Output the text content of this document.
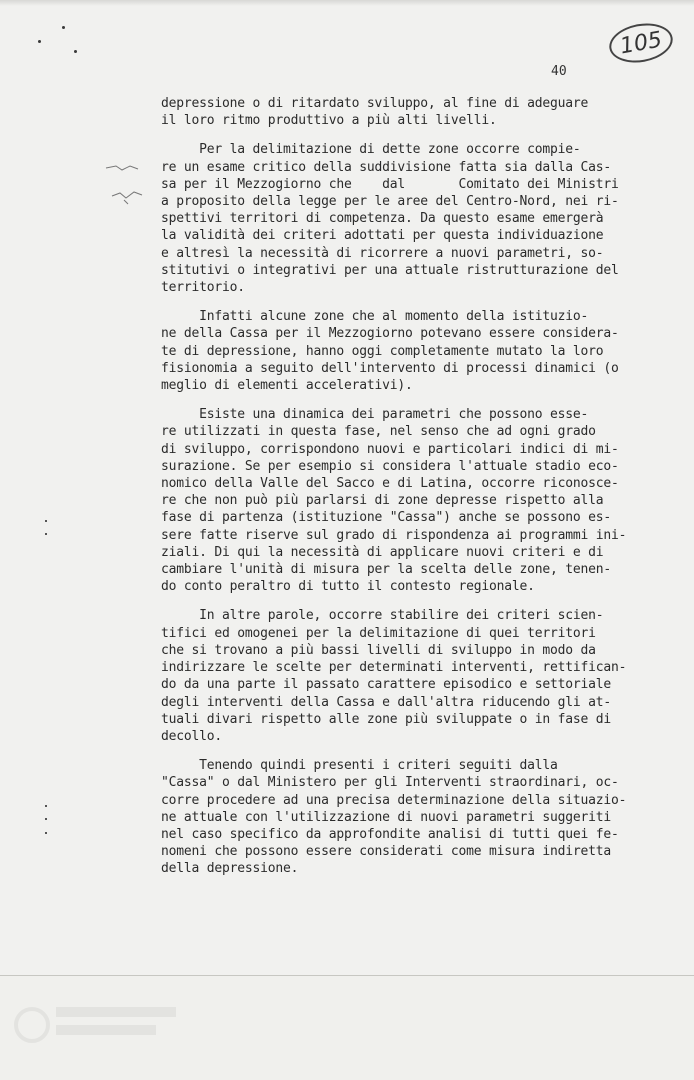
105
40
depressione o di ritardato sviluppo, al fine di adeguare
il loro ritmo produttivo a più alti livelli.
Per la delimitazione di dette zone occorre compie-
re un esame critico della suddivisione fatta sia dalla Cas-
sa per il Mezzogiorno che    dal       Comitato dei Ministri
a proposito della legge per le aree del Centro-Nord, nei ri-
spettivi territori di competenza. Da questo esame emergerà
la validità dei criteri adottati per questa individuazione
e altresì la necessità di ricorrere a nuovi parametri, so-
stitutivi o integrativi per una attuale ristrutturazione del
territorio.
Infatti alcune zone che al momento della istituzio-
ne della Cassa per il Mezzogiorno potevano essere considera-
te di depressione, hanno oggi completamente mutato la loro
fisionomia a seguito dell'intervento di processi dinamici (o
meglio di elementi accelerativi).
Esiste una dinamica dei parametri che possono esse-
re utilizzati in questa fase, nel senso che ad ogni grado
di sviluppo, corrispondono nuovi e particolari indici di mi-
surazione. Se per esempio si considera l'attuale stadio eco-
nomico della Valle del Sacco e di Latina, occorre riconosce-
re che non può più parlarsi di zone depresse rispetto alla
fase di partenza (istituzione "Cassa") anche se possono es-
sere fatte riserve sul grado di rispondenza ai programmi ini-
ziali. Di qui la necessità di applicare nuovi criteri e di
cambiare l'unità di misura per la scelta delle zone, tenen-
do conto peraltro di tutto il contesto regionale.
In altre parole, occorre stabilire dei criteri scien-
tifici ed omogenei per la delimitazione di quei territori
che si trovano a più bassi livelli di sviluppo in modo da
indirizzare le scelte per determinati interventi, rettifican-
do da una parte il passato carattere episodico e settoriale
degli interventi della Cassa e dall'altra riducendo gli at-
tuali divari rispetto alle zone più sviluppate o in fase di
decollo.
Tenendo quindi presenti i criteri seguiti dalla
"Cassa" o dal Ministero per gli Interventi straordinari, oc-
corre procedere ad una precisa determinazione della situazio-
ne attuale con l'utilizzazione di nuovi parametri suggeriti
nel caso specifico da approfondite analisi di tutti quei fe-
nomeni che possono essere considerati come misura indiretta
della depressione.
